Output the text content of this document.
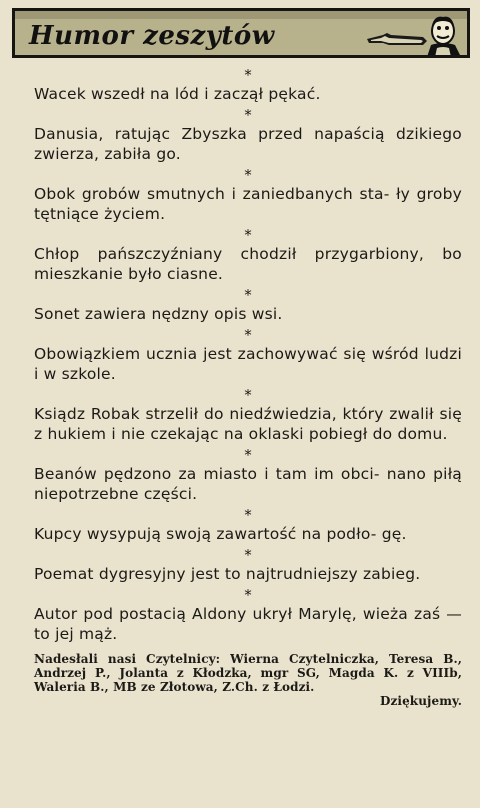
Humor zeszytów
*

Wacek wszedł na lód i zaczął pękać.

*

Danusia, ratując Zbyszka przed napaścią dzikiego zwierza, zabiła go.

*

Obok grobów smutnych i zaniedbanych sta- ły groby tętniące życiem.

*

Chłop pańszczyźniany chodził przygarbiony, bo mieszkanie było ciasne.

*

Sonet zawiera nędzny opis wsi.

*

Obowiązkiem ucznia jest zachowywać się wśród ludzi i w szkole.

*

Ksiądz Robak strzelił do niedźwiedzia, który zwalił się z hukiem i nie czekając na oklaski pobiegł do domu.

*

Beanów pędzono za miasto i tam im obci- nano piłą niepotrzebne części.

*

Kupcy wysypują swoją zawartość na podło- gę.

*

Poemat dygresyjny jest to najtrudniejszy zabieg.

*

Autor pod postacią Aldony ukrył Marylę, wieża zaś — to jej mąż.

Nadesłali nasi Czytelnicy: Wierna Czytelniczka, Teresa B., Andrzej P., Jolanta z Kłodzka, mgr SG, Magda K. z VIIIb, Waleria B., MB ze Złotowa, Z.Ch. z Łodzi.
Dziękujemy.
